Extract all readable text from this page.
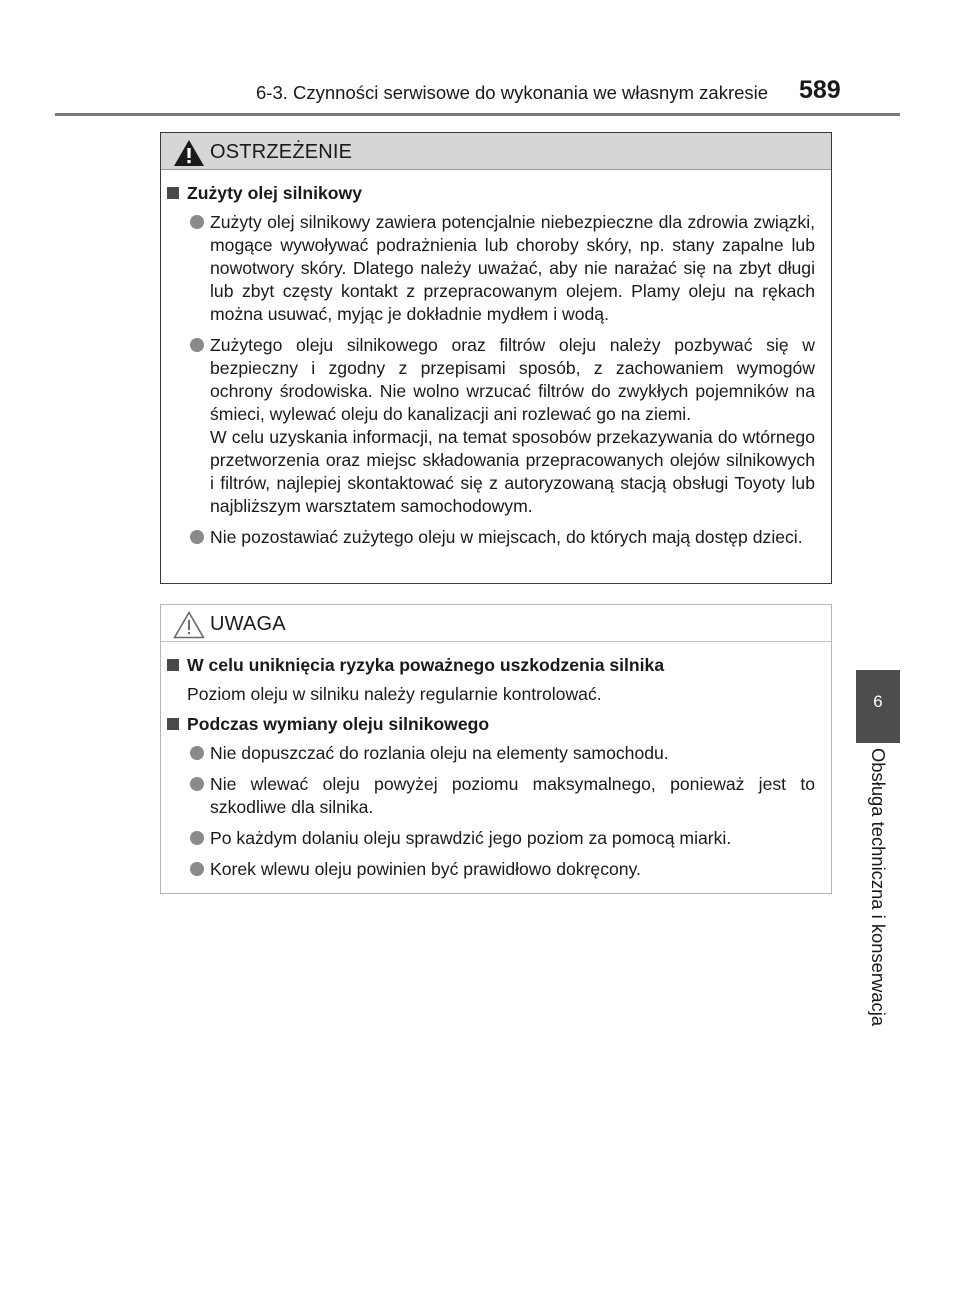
6-3. Czynności serwisowe do wykonania we własnym zakresie 589
OSTRZEŻENIE
Zużyty olej silnikowy

Zużyty olej silnikowy zawiera potencjalnie niebezpieczne dla zdrowia związki, mogące wywoływać podrażnienia lub choroby skóry, np. stany zapalne lub nowotwory skóry. Dlatego należy uważać, aby nie narażać się na zbyt długi lub zbyt częsty kontakt z przepracowanym olejem. Plamy oleju na rękach można usuwać, myjąc je dokładnie mydłem i wodą.

Zużytego oleju silnikowego oraz filtrów oleju należy pozbywać się w bezpieczny i zgodny z przepisami sposób, z zachowaniem wymogów ochrony środowiska. Nie wolno wrzucać filtrów do zwykłych pojemników na śmieci, wylewać oleju do kanalizacji ani rozlewać go na ziemi.

W celu uzyskania informacji, na temat sposobów przekazywania do wtórnego przetworzenia oraz miejsc składowania przepracowanych olejów silnikowych i filtrów, najlepiej skontaktować się z autoryzowaną stacją obsługi Toyoty lub najbliższym warsztatem samochodowym.

Nie pozostawiać zużytego oleju w miejscach, do których mają dostęp dzieci.

UWAGA
W celu uniknięcia ryzyka poważnego uszkodzenia silnika
Poziom oleju w silniku należy regularnie kontrolować.
Podczas wymiany oleju silnikowego

Nie dopuszczać do rozlania oleju na elementy samochodu.

Nie wlewać oleju powyżej poziomu maksymalnego, ponieważ jest to szkodliwe dla silnika.

Po każdym dolaniu oleju sprawdzić jego poziom za pomocą miarki.

Korek wlewu oleju powinien być prawidłowo dokręcony.

6
Obsługa techniczna i konserwacja
